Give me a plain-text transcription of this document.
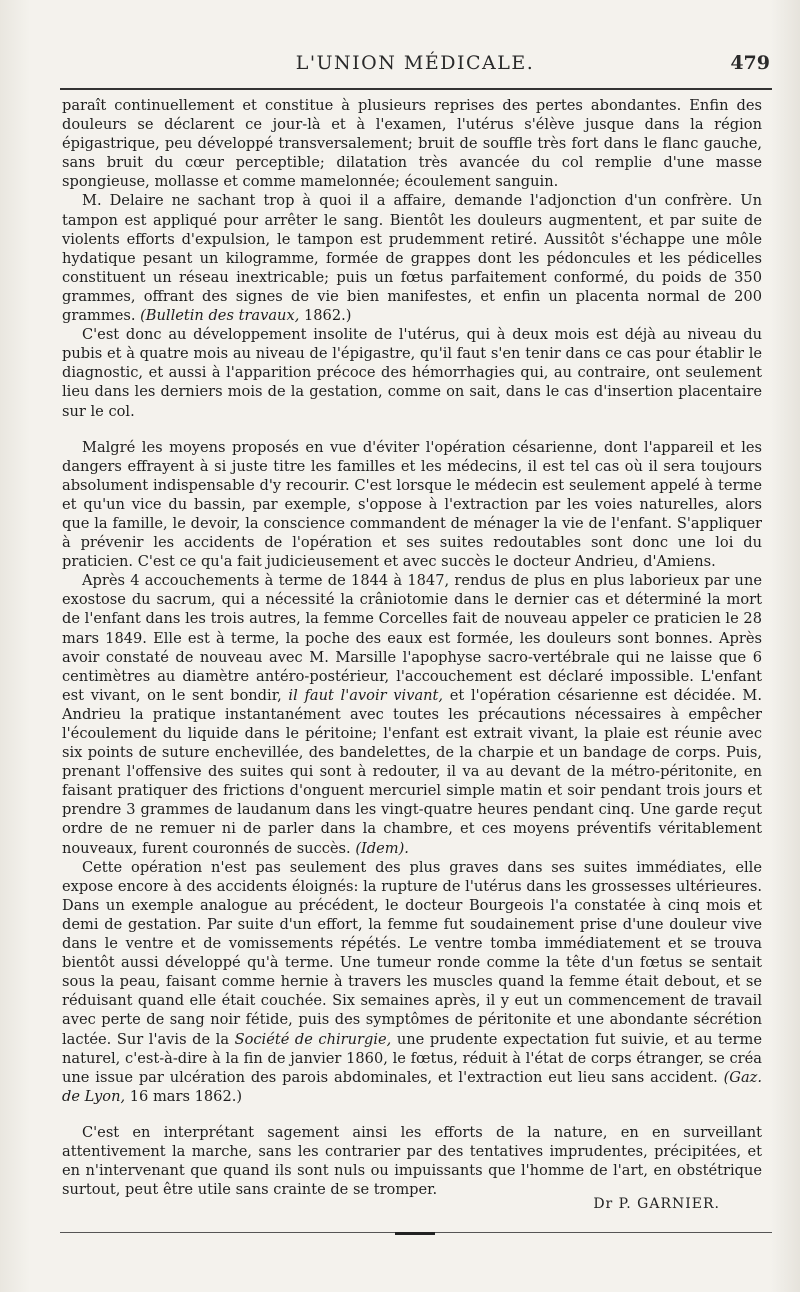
L'UNION MÉDICALE.	479

paraît continuellement et constitue à plusieurs reprises des pertes abondantes. Enfin des douleurs se déclarent ce jour-là et à l'examen, l'utérus s'élève jusque dans la région épigastrique, peu développé transversalement; bruit de souffle très fort dans le flanc gauche, sans bruit du cœur perceptible; dilatation très avancée du col remplie d'une masse spongieuse, mollasse et comme mamelonnée; écoulement sanguin.

M. Delaire ne sachant trop à quoi il a affaire, demande l'adjonction d'un confrère. Un tampon est appliqué pour arrêter le sang. Bientôt les douleurs augmentent, et par suite de violents efforts d'expulsion, le tampon est prudemment retiré. Aussitôt s'échappe une môle hydatique pesant un kilogramme, formée de grappes dont les pédoncules et les pédicelles constituent un réseau inextricable; puis un fœtus parfaitement conformé, du poids de 350 grammes, offrant des signes de vie bien manifestes, et enfin un placenta normal de 200 grammes. (Bulletin des travaux, 1862.)

C'est donc au développement insolite de l'utérus, qui à deux mois est déjà au niveau du pubis et à quatre mois au niveau de l'épigastre, qu'il faut s'en tenir dans ce cas pour établir le diagnostic, et aussi à l'apparition précoce des hémorrhagies qui, au contraire, ont seulement lieu dans les derniers mois de la gestation, comme on sait, dans le cas d'insertion placentaire sur le col.

Malgré les moyens proposés en vue d'éviter l'opération césarienne, dont l'appareil et les dangers effrayent à si juste titre les familles et les médecins, il est tel cas où il sera toujours absolument indispensable d'y recourir. C'est lorsque le médecin est seulement appelé à terme et qu'un vice du bassin, par exemple, s'oppose à l'extraction par les voies naturelles, alors que la famille, le devoir, la conscience commandent de ménager la vie de l'enfant. S'appliquer à prévenir les accidents de l'opération et ses suites redoutables sont donc une loi du praticien. C'est ce qu'a fait judicieusement et avec succès le docteur Andrieu, d'Amiens.

Après 4 accouchements à terme de 1844 à 1847, rendus de plus en plus laborieux par une exostose du sacrum, qui a nécessité la crâniotomie dans le dernier cas et déterminé la mort de l'enfant dans les trois autres, la femme Corcelles fait de nouveau appeler ce praticien le 28 mars 1849. Elle est à terme, la poche des eaux est formée, les douleurs sont bonnes. Après avoir constaté de nouveau avec M. Marsille l'apophyse sacro-vertébrale qui ne laisse que 6 centimètres au diamètre antéro-postérieur, l'accouchement est déclaré impossible. L'enfant est vivant, on le sent bondir, il faut l'avoir vivant, et l'opération césarienne est décidée. M. Andrieu la pratique instantanément avec toutes les précautions nécessaires à empêcher l'écoulement du liquide dans le péritoine; l'enfant est extrait vivant, la plaie est réunie avec six points de suture enchevillée, des bandelettes, de la charpie et un bandage de corps. Puis, prenant l'offensive des suites qui sont à redouter, il va au devant de la métro-péritonite, en faisant pratiquer des frictions d'onguent mercuriel simple matin et soir pendant trois jours et prendre 3 grammes de laudanum dans les vingt-quatre heures pendant cinq. Une garde reçut ordre de ne remuer ni de parler dans la chambre, et ces moyens préventifs véritablement nouveaux, furent couronnés de succès. (Idem).

Cette opération n'est pas seulement des plus graves dans ses suites immédiates, elle expose encore à des accidents éloignés: la rupture de l'utérus dans les grossesses ultérieures. Dans un exemple analogue au précédent, le docteur Bourgeois l'a constatée à cinq mois et demi de gestation. Par suite d'un effort, la femme fut soudainement prise d'une douleur vive dans le ventre et de vomissements répétés. Le ventre tomba immédiatement et se trouva bientôt aussi développé qu'à terme. Une tumeur ronde comme la tête d'un fœtus se sentait sous la peau, faisant comme hernie à travers les muscles quand la femme était debout, et se réduisant quand elle était couchée. Six semaines après, il y eut un commencement de travail avec perte de sang noir fétide, puis des symptômes de péritonite et une abondante sécrétion lactée. Sur l'avis de la Société de chirurgie, une prudente expectation fut suivie, et au terme naturel, c'est-à-dire à la fin de janvier 1860, le fœtus, réduit à l'état de corps étranger, se créa une issue par ulcération des parois abdominales, et l'extraction eut lieu sans accident. (Gaz. de Lyon, 16 mars 1862.)

C'est en interprétant sagement ainsi les efforts de la nature, en en surveillant attentivement la marche, sans les contrarier par des tentatives imprudentes, précipitées, et en n'intervenant que quand ils sont nuls ou impuissants que l'homme de l'art, en obstétrique surtout, peut être utile sans crainte de se tromper.

Dr P. GARNIER.
